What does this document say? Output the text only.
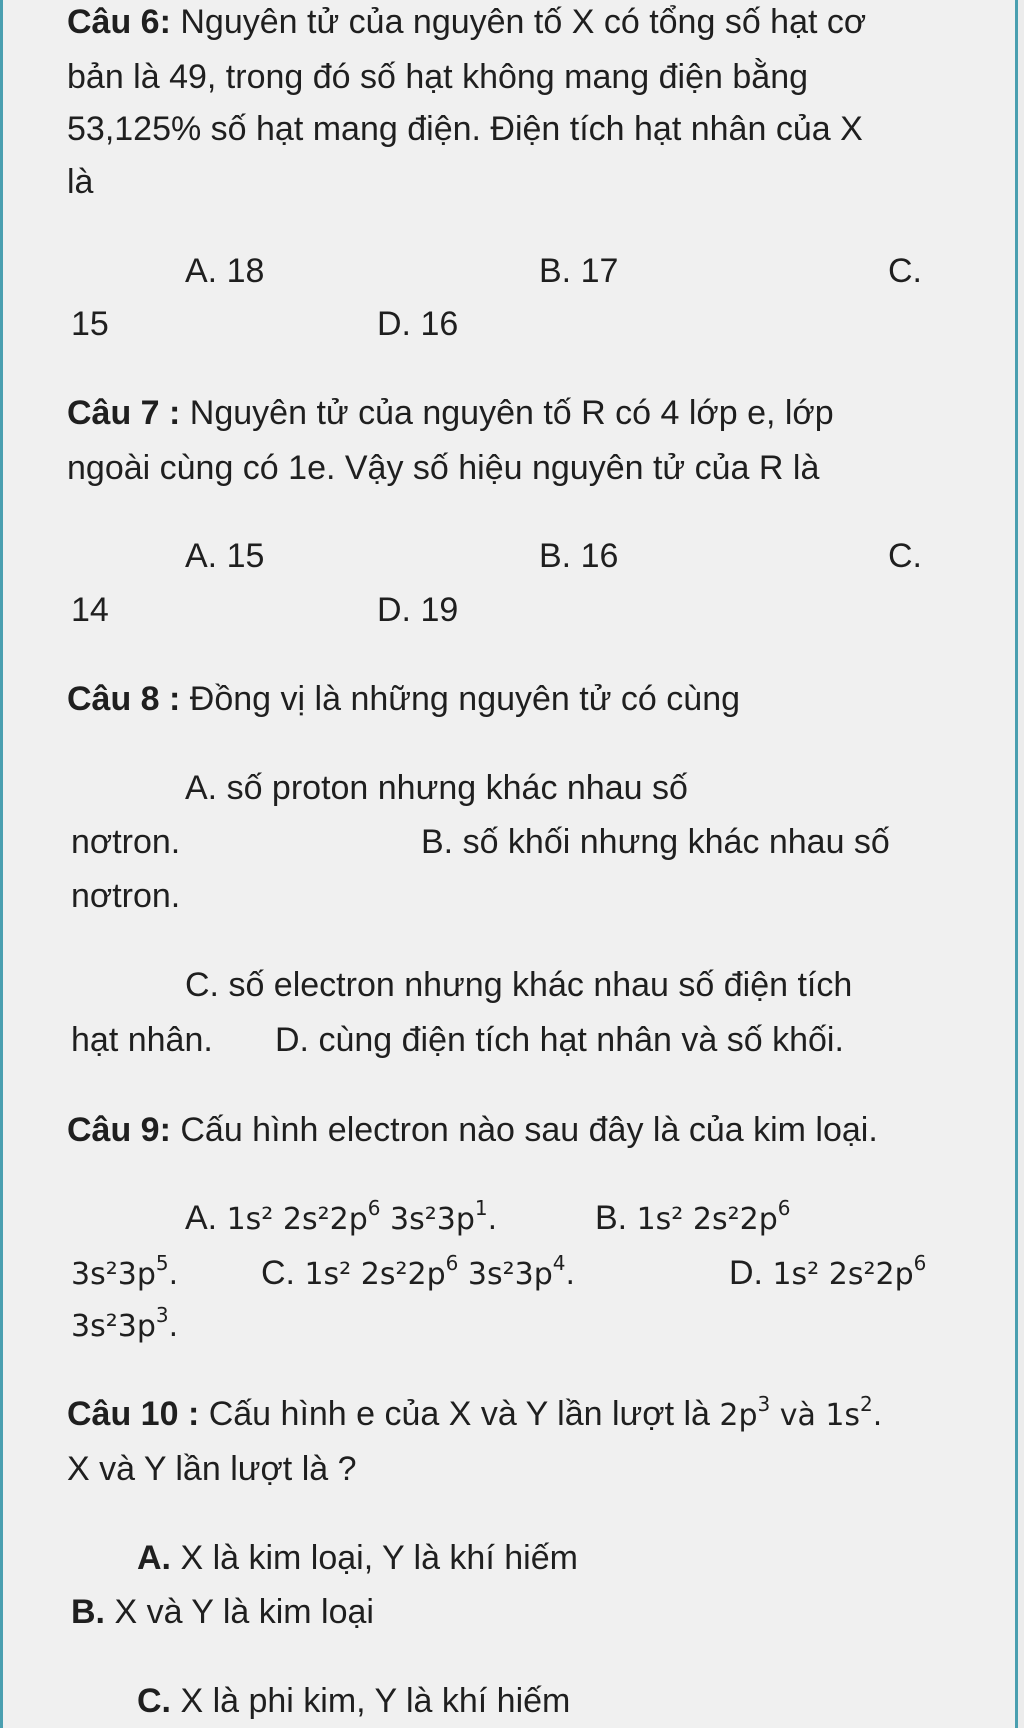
Câu 6: Nguyên tử của nguyên tố X có tổng số hạt cơ
bản là 49, trong đó số hạt không mang điện bằng
53,125% số hạt mang điện. Điện tích hạt nhân của X
là
A. 18	B. 17	C.
15	D. 16
Câu 7 : Nguyên tử của nguyên tố R có 4 lớp e, lớp
ngoài cùng có 1e. Vậy số hiệu nguyên tử của R là
A. 15	B. 16	C.
14	D. 19
Câu 8 : Đồng vị là những nguyên tử có cùng
A. số proton nhưng khác nhau số
nơtron.	B. số khối nhưng khác nhau số
nơtron.
C. số electron nhưng khác nhau số điện tích
hạt nhân. D. cùng điện tích hạt nhân và số khối.
Câu 9: Cấu hình electron nào sau đây là của kim loại.
A. 1s² $2s^22p^6$ $3s^23p^1$.	B. 1s² $2s^22p^6$
$3s^23p^5$. C. 1s² $2s^22p^6$ $3s^23p^4$.	D. 1s² $2s^22p^6$
$3s^23p^3$.
Câu 10 : Cấu hình e của X và Y lần lượt là $2p^3$ và $1s^2$.
X và Y lần lượt là ?
A. X là kim loại, Y là khí hiếm
B. X và Y là kim loại
C. X là phi kim, Y là khí hiếm
